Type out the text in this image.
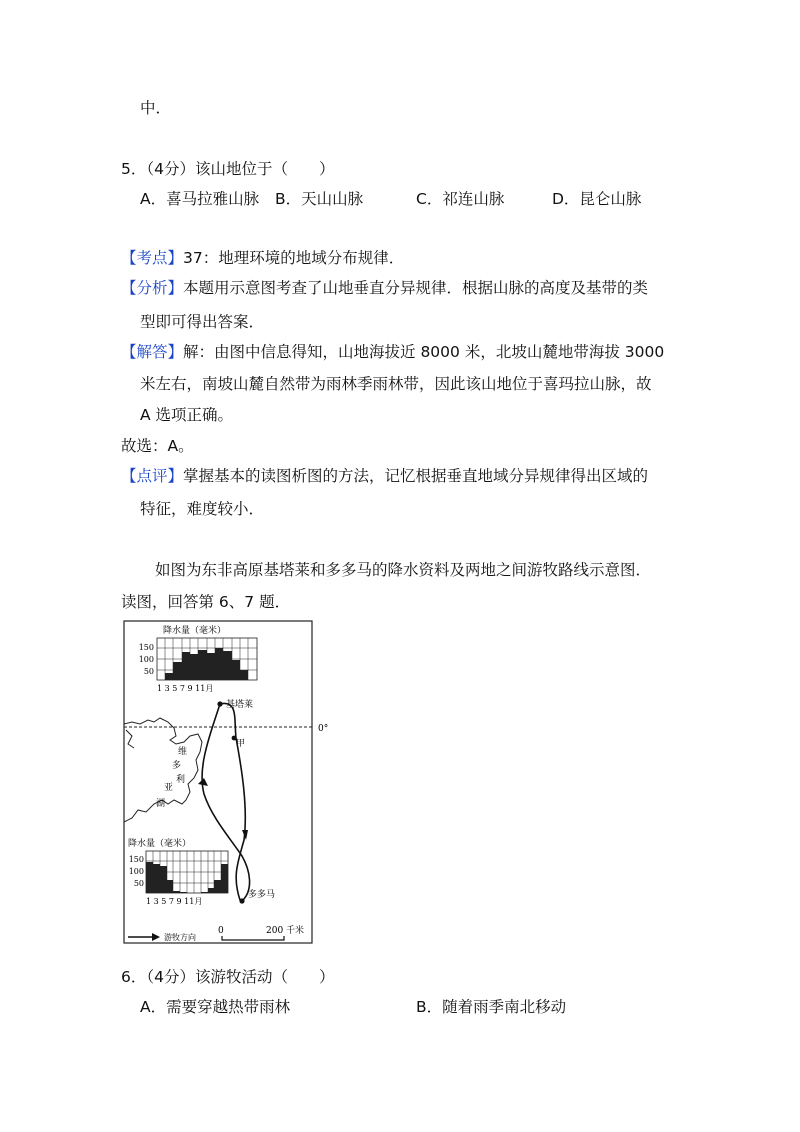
中．
5．（4分）该山地位于（　　）
A．喜马拉雅山脉 B．天山山脉	C．祁连山脉	D．昆仑山脉
【考点】37：地理环境的地域分布规律．
【分析】本题用示意图考查了山地垂直分异规律．根据山脉的高度及基带的类
型即可得出答案．
【解答】解：由图中信息得知，山地海拔近 8000 米，北坡山麓地带海拔 3000
米左右，南坡山麓自然带为雨林季雨林带，因此该山地位于喜玛拉山脉，故
A 选项正确。
故选：A。
【点评】掌握基本的读图析图的方法，记忆根据垂直地域分异规律得出区域的
特征，难度较小．
如图为东非高原基塔莱和多多马的降水资料及两地之间游牧路线示意图．
读图，回答第 6、7 题．
降水量（毫米）
150
100
50
1 3 5 7 9 11月
0°
维
多
利
亚
湖
基塔莱
甲
多多马
降水量（毫米）
150
100
50
1 3 5 7 9 11月
游牧方向
0	200 千米
6．（4分）该游牧活动（　　）
A．需要穿越热带雨林	B．随着雨季南北移动
